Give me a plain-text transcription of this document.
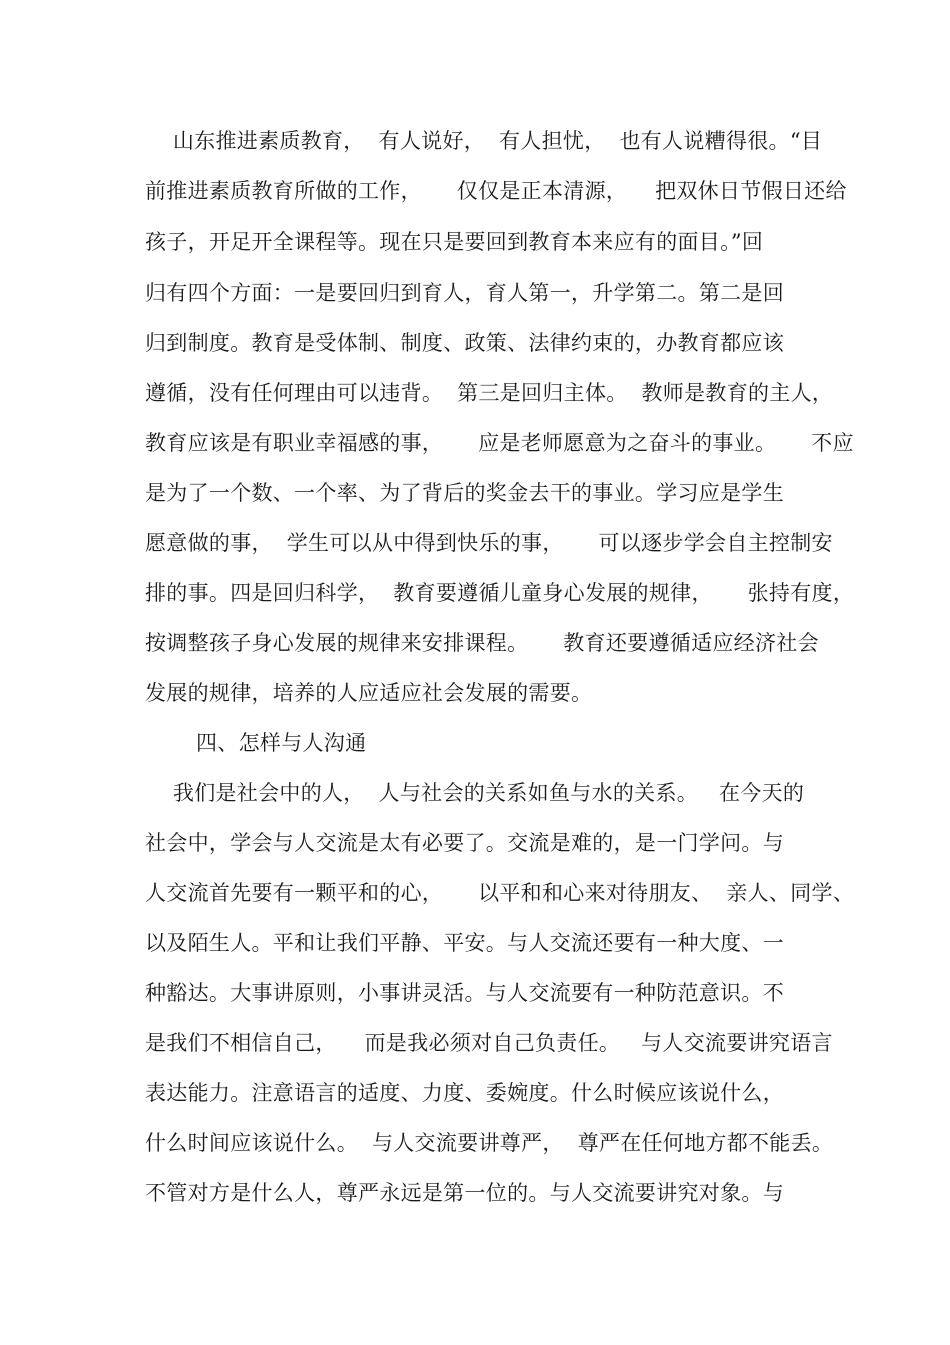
山东推进素质教育，  有人说好，  有人担忧，  也有人说糟得很。“目
前推进素质教育所做的工作，     仅仅是正本清源，    把双休日节假日还给
孩子，开足开全课程等。现在只是要回到教育本来应有的面目。”回
归有四个方面：一是要回归到育人，育人第一，升学第二。第二是回
归到制度。教育是受体制、制度、政策、法律约束的，办教育都应该
遵循，没有任何理由可以违背。  第三是回归主体。  教师是教育的主人，
教育应该是有职业幸福感的事，     应是老师愿意为之奋斗的事业。     不应
是为了一个数、一个率、为了背后的奖金去干的事业。学习应是学生
愿意做的事，  学生可以从中得到快乐的事，     可以逐步学会自主控制安
排的事。四是回归科学，  教育要遵循儿童身心发展的规律，     张持有度，
按调整孩子身心发展的规律来安排课程。     教育还要遵循适应经济社会
发展的规律，培养的人应适应社会发展的需要。
四、怎样与人沟通
我们是社会中的人，  人与社会的关系如鱼与水的关系。   在今天的
社会中，学会与人交流是太有必要了。交流是难的，是一门学问。与
人交流首先要有一颗平和的心，     以平和和心来对待朋友、  亲人、同学、
以及陌生人。平和让我们平静、平安。与人交流还要有一种大度、一
种豁达。大事讲原则，小事讲灵活。与人交流要有一种防范意识。不
是我们不相信自己，    而是我必须对自己负责任。   与人交流要讲究语言
表达能力。注意语言的适度、力度、委婉度。什么时候应该说什么，
什么时间应该说什么。  与人交流要讲尊严，  尊严在任何地方都不能丢。
不管对方是什么人，尊严永远是第一位的。与人交流要讲究对象。与
